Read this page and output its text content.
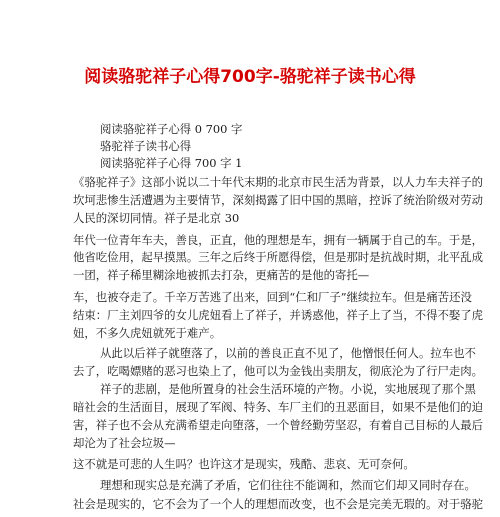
阅读骆驼祥子心得700字-骆驼祥子读书心得
阅读骆驼祥子心得 0 700 字
骆驼祥子读书心得
阅读骆驼祥子心得 700 字 1
《骆驼祥子》这部小说以二十年代末期的北京市民生活为背景，以人力车夫祥子的
坎坷悲惨生活遭遇为主要情节，深刻揭露了旧中国的黑暗，控诉了统治阶级对劳动
人民的深切同情。祥子是北京 30
年代一位青年车夫，善良，正直，他的理想是车，拥有一辆属于自己的车。于是，
他省吃俭用，起早摸黑。三年之后终于所愿得偿，但是那时是抗战时期，北平乱成
一团，祥子稀里糊涂地被抓去打杂，更痛苦的是他的寄托—
车，也被夺走了。千辛万苦逃了出来，回到“仁和厂子”继续拉车。但是痛苦还没
结束：厂主刘四爷的女儿虎妞看上了祥子，并诱惑他，祥子上了当，不得不娶了虎
妞，不多久虎妞就死于难产。
从此以后祥子就堕落了，以前的善良正直不见了，他憎恨任何人。拉车也不
去了，吃喝嫖赌的恶习也染上了，他可以为金钱出卖朋友，彻底沦为了行尸走肉。
祥子的悲剧，是他所置身的社会生活环境的产物。小说，实地展现了那个黑
暗社会的生活面目，展现了军阀、特务、车厂主们的丑恶面目，如果不是他们的迫
害，祥子也不会从充满希望走向堕落，一个曾经勤劳坚忍，有着自己目标的人最后
却沦为了社会垃圾—
这不就是可悲的人生吗？也许这才是现实，残酷、悲哀、无可奈何。
理想和现实总是充满了矛盾，它们往往不能调和，然而它们却又同时存在。
社会是现实的，它不会为了一个人的理想而改变，也不会是完美无瑕的。对于骆驼
